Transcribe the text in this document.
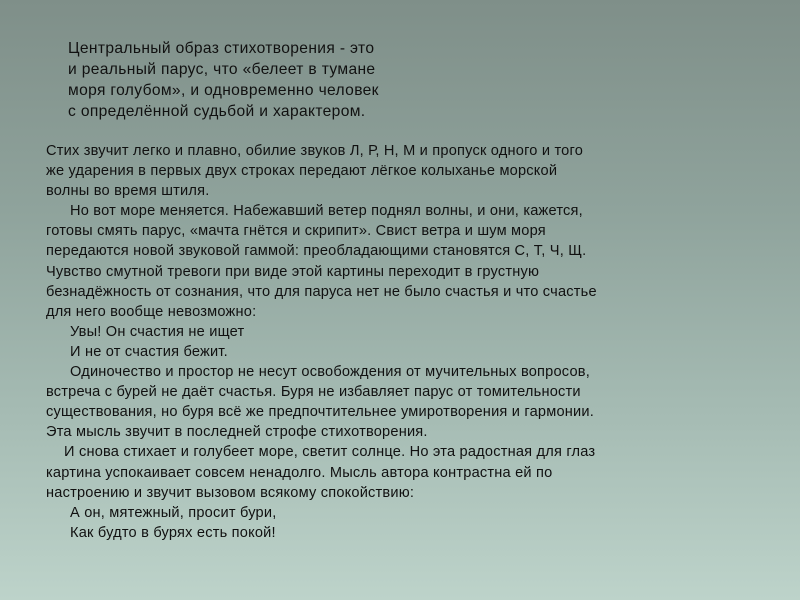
Центральный образ стихотворения - это
и реальный парус, что «белеет в тумане
моря голубом», и одновременно человек
с определённой судьбой и характером.
Стих звучит легко и плавно, обилие звуков Л, Р, Н, М и пропуск одного и того
же ударения в первых двух строках передают лёгкое колыханье морской
волны во время штиля.
Но вот море меняется. Набежавший ветер поднял волны, и они, кажется,
готовы смять парус, «мачта гнётся и скрипит». Свист ветра и шум моря
передаются новой звуковой гаммой: преобладающими становятся С, Т, Ч, Щ.
Чувство смутной тревоги при виде этой картины переходит в грустную
безнадёжность от сознания, что для паруса нет не было счастья и что счастье
для него вообще невозможно:
Увы! Он счастия не ищет
И не от счастия бежит.
Одиночество и простор не несут освобождения от мучительных вопросов,
встреча с бурей не даёт счастья. Буря не избавляет парус от томительности
существования, но буря всё же предпочтительнее умиротворения и гармонии.
Эта мысль звучит в последней строфе стихотворения.
И снова стихает и голубеет море, светит солнце. Но эта радостная для глаз
картина успокаивает совсем ненадолго. Мысль автора контрастна ей по
настроению и звучит вызовом всякому спокойствию:
А он, мятежный, просит бури,
Как будто в бурях есть покой!
